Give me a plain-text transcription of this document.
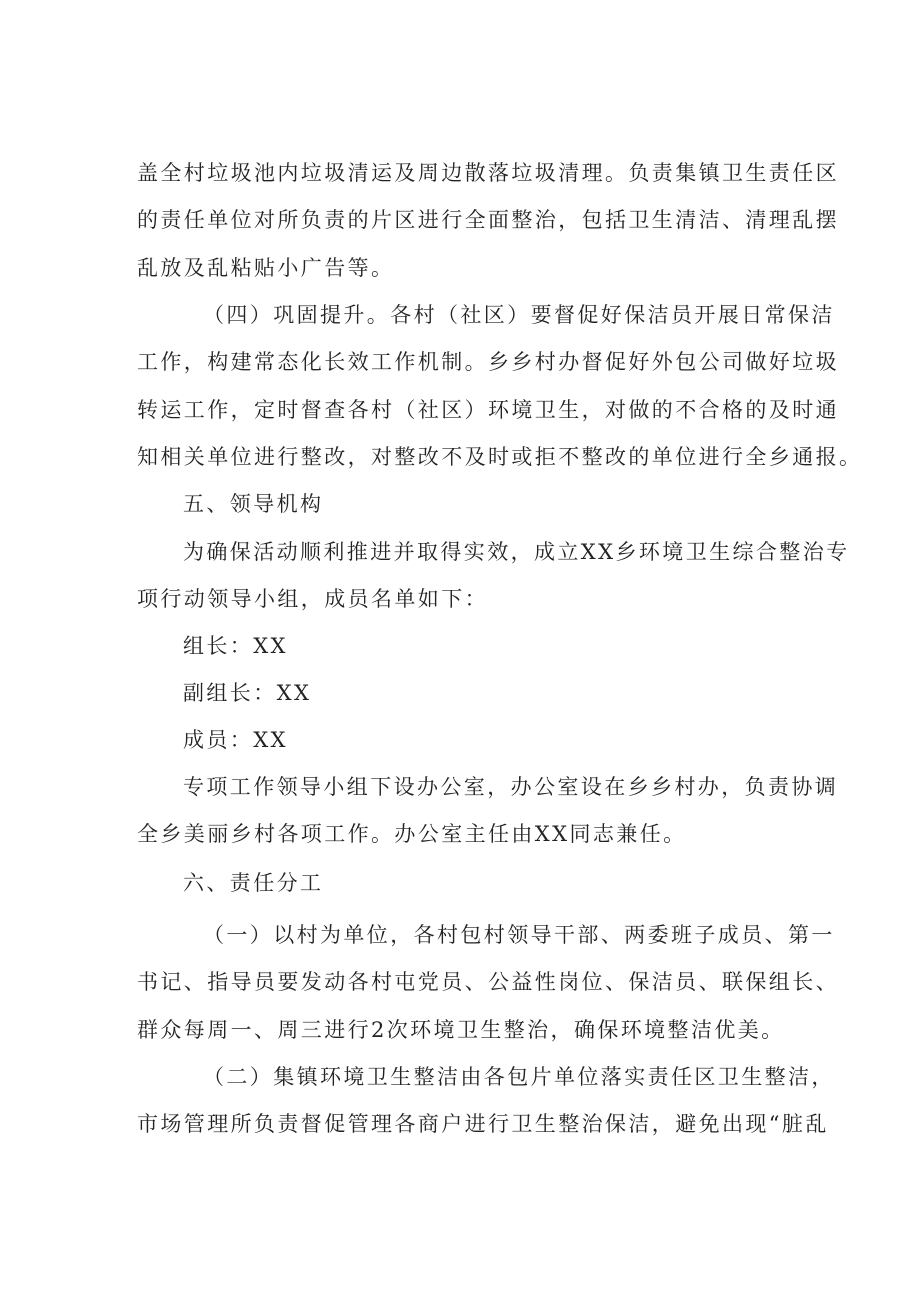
盖全村垃圾池内垃圾清运及周边散落垃圾清理。负责集镇卫生责任区

的责任单位对所负责的片区进行全面整治，包括卫生清洁、清理乱摆

乱放及乱粘贴小广告等。

（四）巩固提升。各村（社区）要督促好保洁员开展日常保洁

工作，构建常态化长效工作机制。乡乡村办督促好外包公司做好垃圾

转运工作，定时督查各村（社区）环境卫生，对做的不合格的及时通

知相关单位进行整改，对整改不及时或拒不整改的单位进行全乡通报。

五、领导机构

为确保活动顺利推进并取得实效，成立XX乡环境卫生综合整治专

项行动领导小组，成员名单如下：

组长：XX

副组长：XX

成员：XX

专项工作领导小组下设办公室，办公室设在乡乡村办，负责协调

全乡美丽乡村各项工作。办公室主任由XX同志兼任。

六、责任分工

（一）以村为单位，各村包村领导干部、两委班子成员、第一

书记、指导员要发动各村屯党员、公益性岗位、保洁员、联保组长、

群众每周一、周三进行2次环境卫生整治，确保环境整洁优美。

（二）集镇环境卫生整洁由各包片单位落实责任区卫生整洁，

市场管理所负责督促管理各商户进行卫生整治保洁，避免出现“脏乱
